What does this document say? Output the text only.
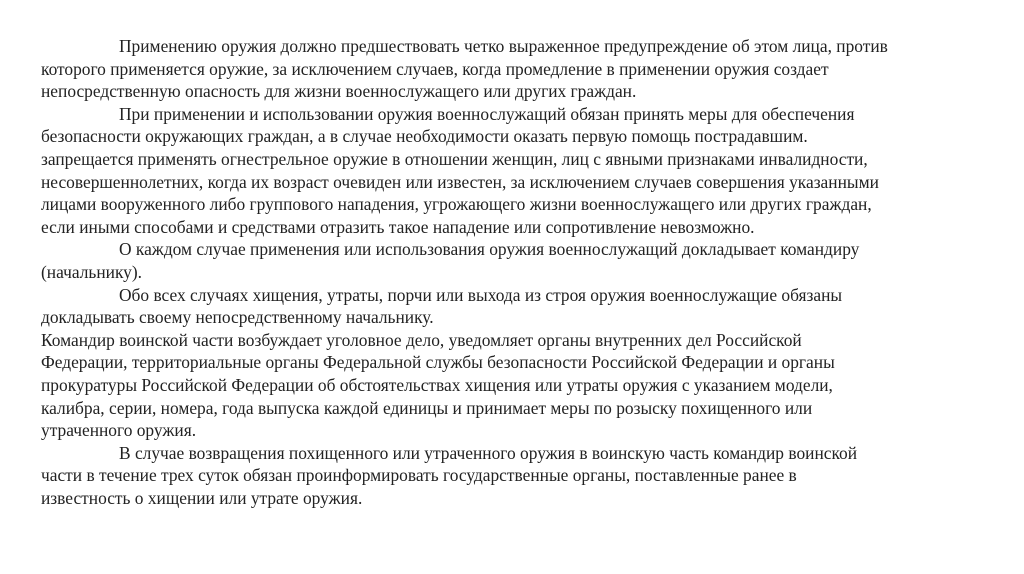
Применению оружия должно предшествовать четко выраженное предупреждение об этом лица, против
которого применяется оружие, за исключением случаев, когда промедление в применении оружия создает
непосредственную опасность для жизни военнослужащего или других граждан.

При применении и использовании оружия военнослужащий обязан принять меры для обеспечения
безопасности окружающих граждан, а в случае необходимости оказать первую помощь пострадавшим.
запрещается применять огнестрельное оружие в отношении женщин, лиц с явными признаками инвалидности,
несовершеннолетних, когда их возраст очевиден или известен, за исключением случаев совершения указанными
лицами вооруженного либо группового нападения, угрожающего жизни военнослужащего или других граждан,
если иными способами и средствами отразить такое нападение или сопротивление невозможно.

О каждом случае применения или использования оружия военнослужащий докладывает командиру
(начальнику).

Обо всех случаях хищения, утраты, порчи или выхода из строя оружия военнослужащие обязаны
докладывать своему непосредственному начальнику.

Командир воинской части возбуждает уголовное дело, уведомляет органы внутренних дел Российской
Федерации, территориальные органы Федеральной службы безопасности Российской Федерации и органы
прокуратуры Российской Федерации об обстоятельствах хищения или утраты оружия с указанием модели,
калибра, серии, номера, года выпуска каждой единицы и принимает меры по розыску похищенного или
утраченного оружия.

В случае возвращения похищенного или утраченного оружия в воинскую часть командир воинской
части в течение трех суток обязан проинформировать государственные органы, поставленные ранее в
известность о хищении или утрате оружия.
